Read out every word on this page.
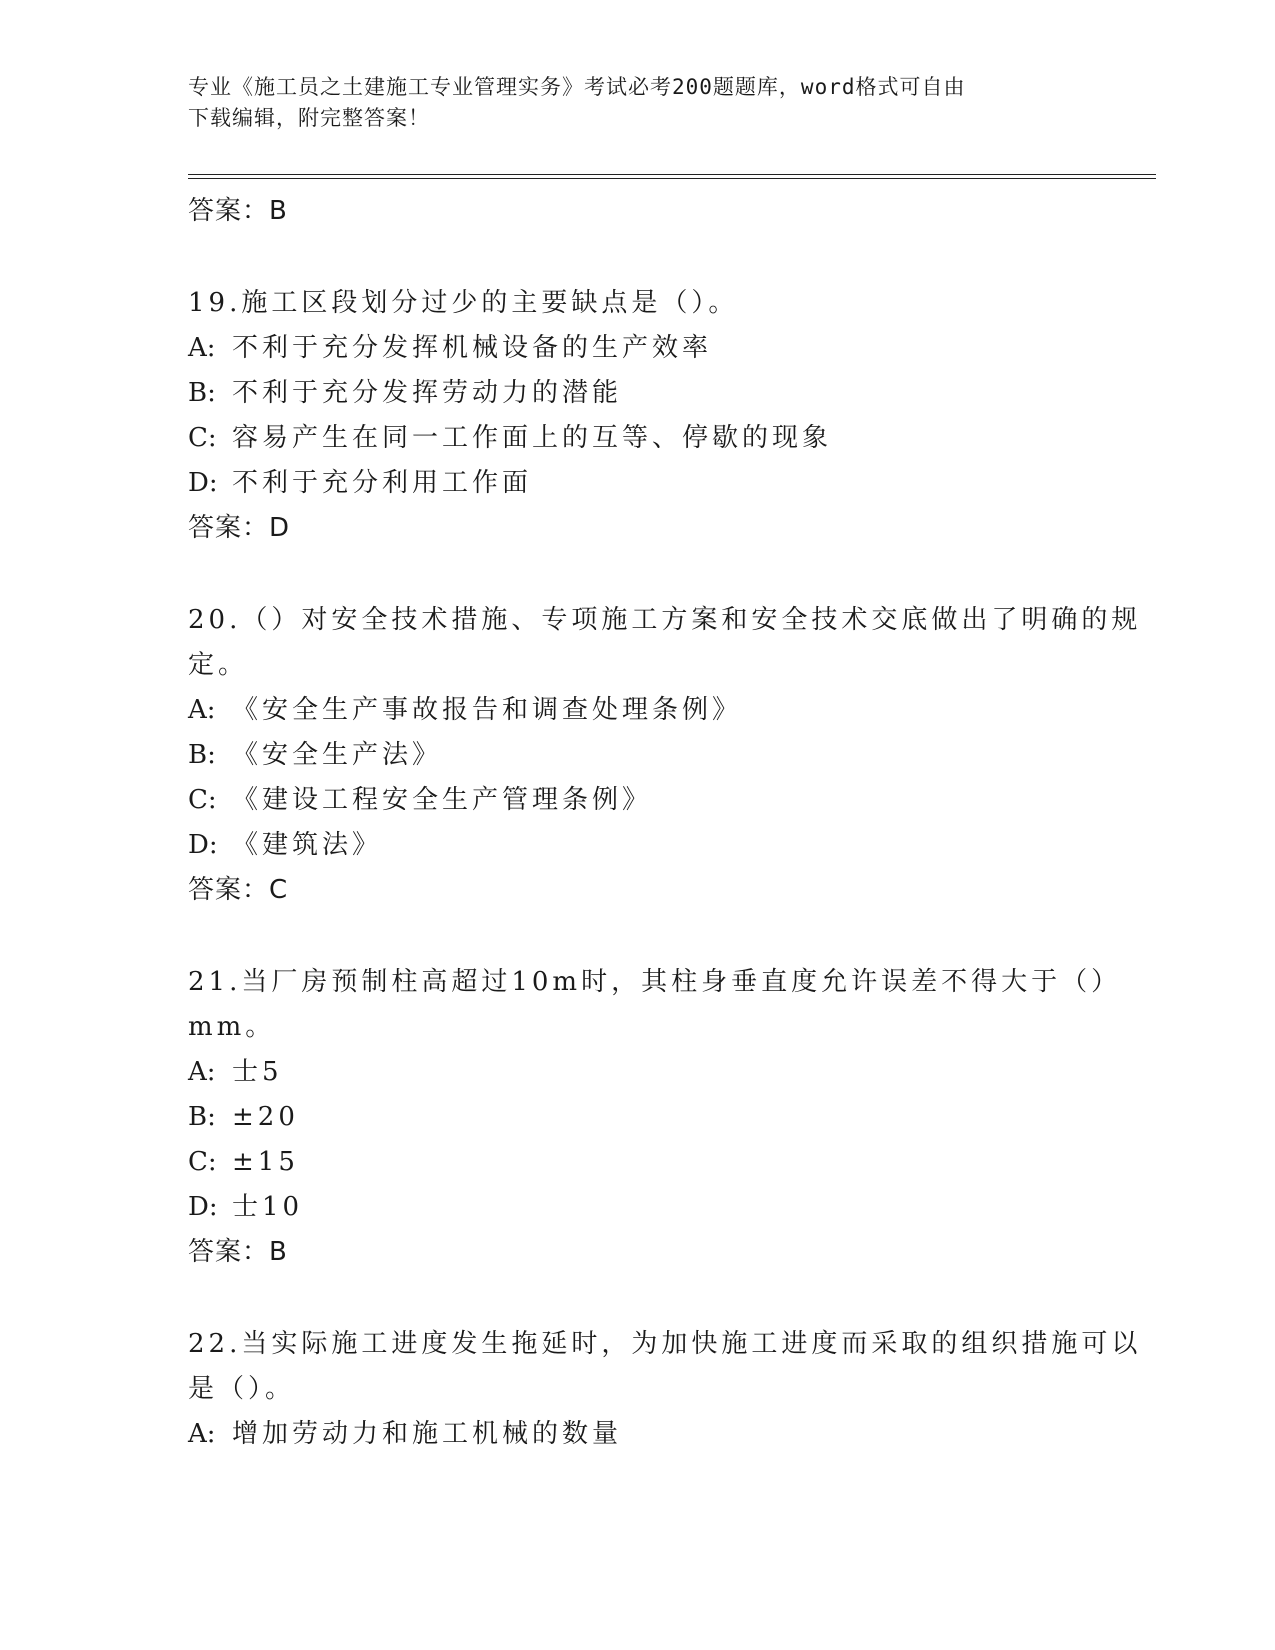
专业《施工员之土建施工专业管理实务》考试必考200题题库，word格式可自由
下载编辑，附完整答案！
答案：B
19.施工区段划分过少的主要缺点是（）。
A: 不利于充分发挥机械设备的生产效率
B: 不利于充分发挥劳动力的潜能
C: 容易产生在同一工作面上的互等、停歇的现象
D: 不利于充分利用工作面
答案：D
20.（）对安全技术措施、专项施工方案和安全技术交底做出了明确的规定。
A: 《安全生产事故报告和调查处理条例》
B: 《安全生产法》
C: 《建设工程安全生产管理条例》
D: 《建筑法》
答案：C
21.当厂房预制柱高超过10m时，其柱身垂直度允许误差不得大于（）mm。
A: 士5
B: ±20
C: ±15
D: 士10
答案：B
22.当实际施工进度发生拖延时，为加快施工进度而采取的组织措施可以是（）。
A: 增加劳动力和施工机械的数量
